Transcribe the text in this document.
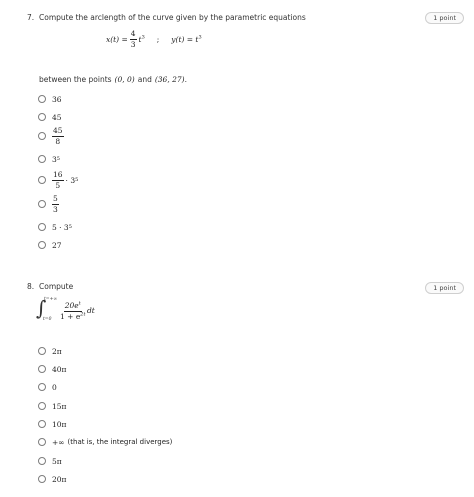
7. Compute the arclength of the curve given by the parametric equations	1 point
$x(t) = \frac{4}{3} t^3$ ; $y(t) = t^3$
between the points (0, 0) and (36, 27) .
36
45
$\frac{45}{8}$
3 5
$\frac{16}{5} \cdot 3$ 5
$\frac{5}{3}$
5 · 3 5
27
8. Compute	1 point
∫
t=+∞
$t=0 \frac{20e^t}{1 + e^{2t}}$ dt
2π
40π
0
15π
10π
+∞ (that is, the integral diverges)
5π
20π
